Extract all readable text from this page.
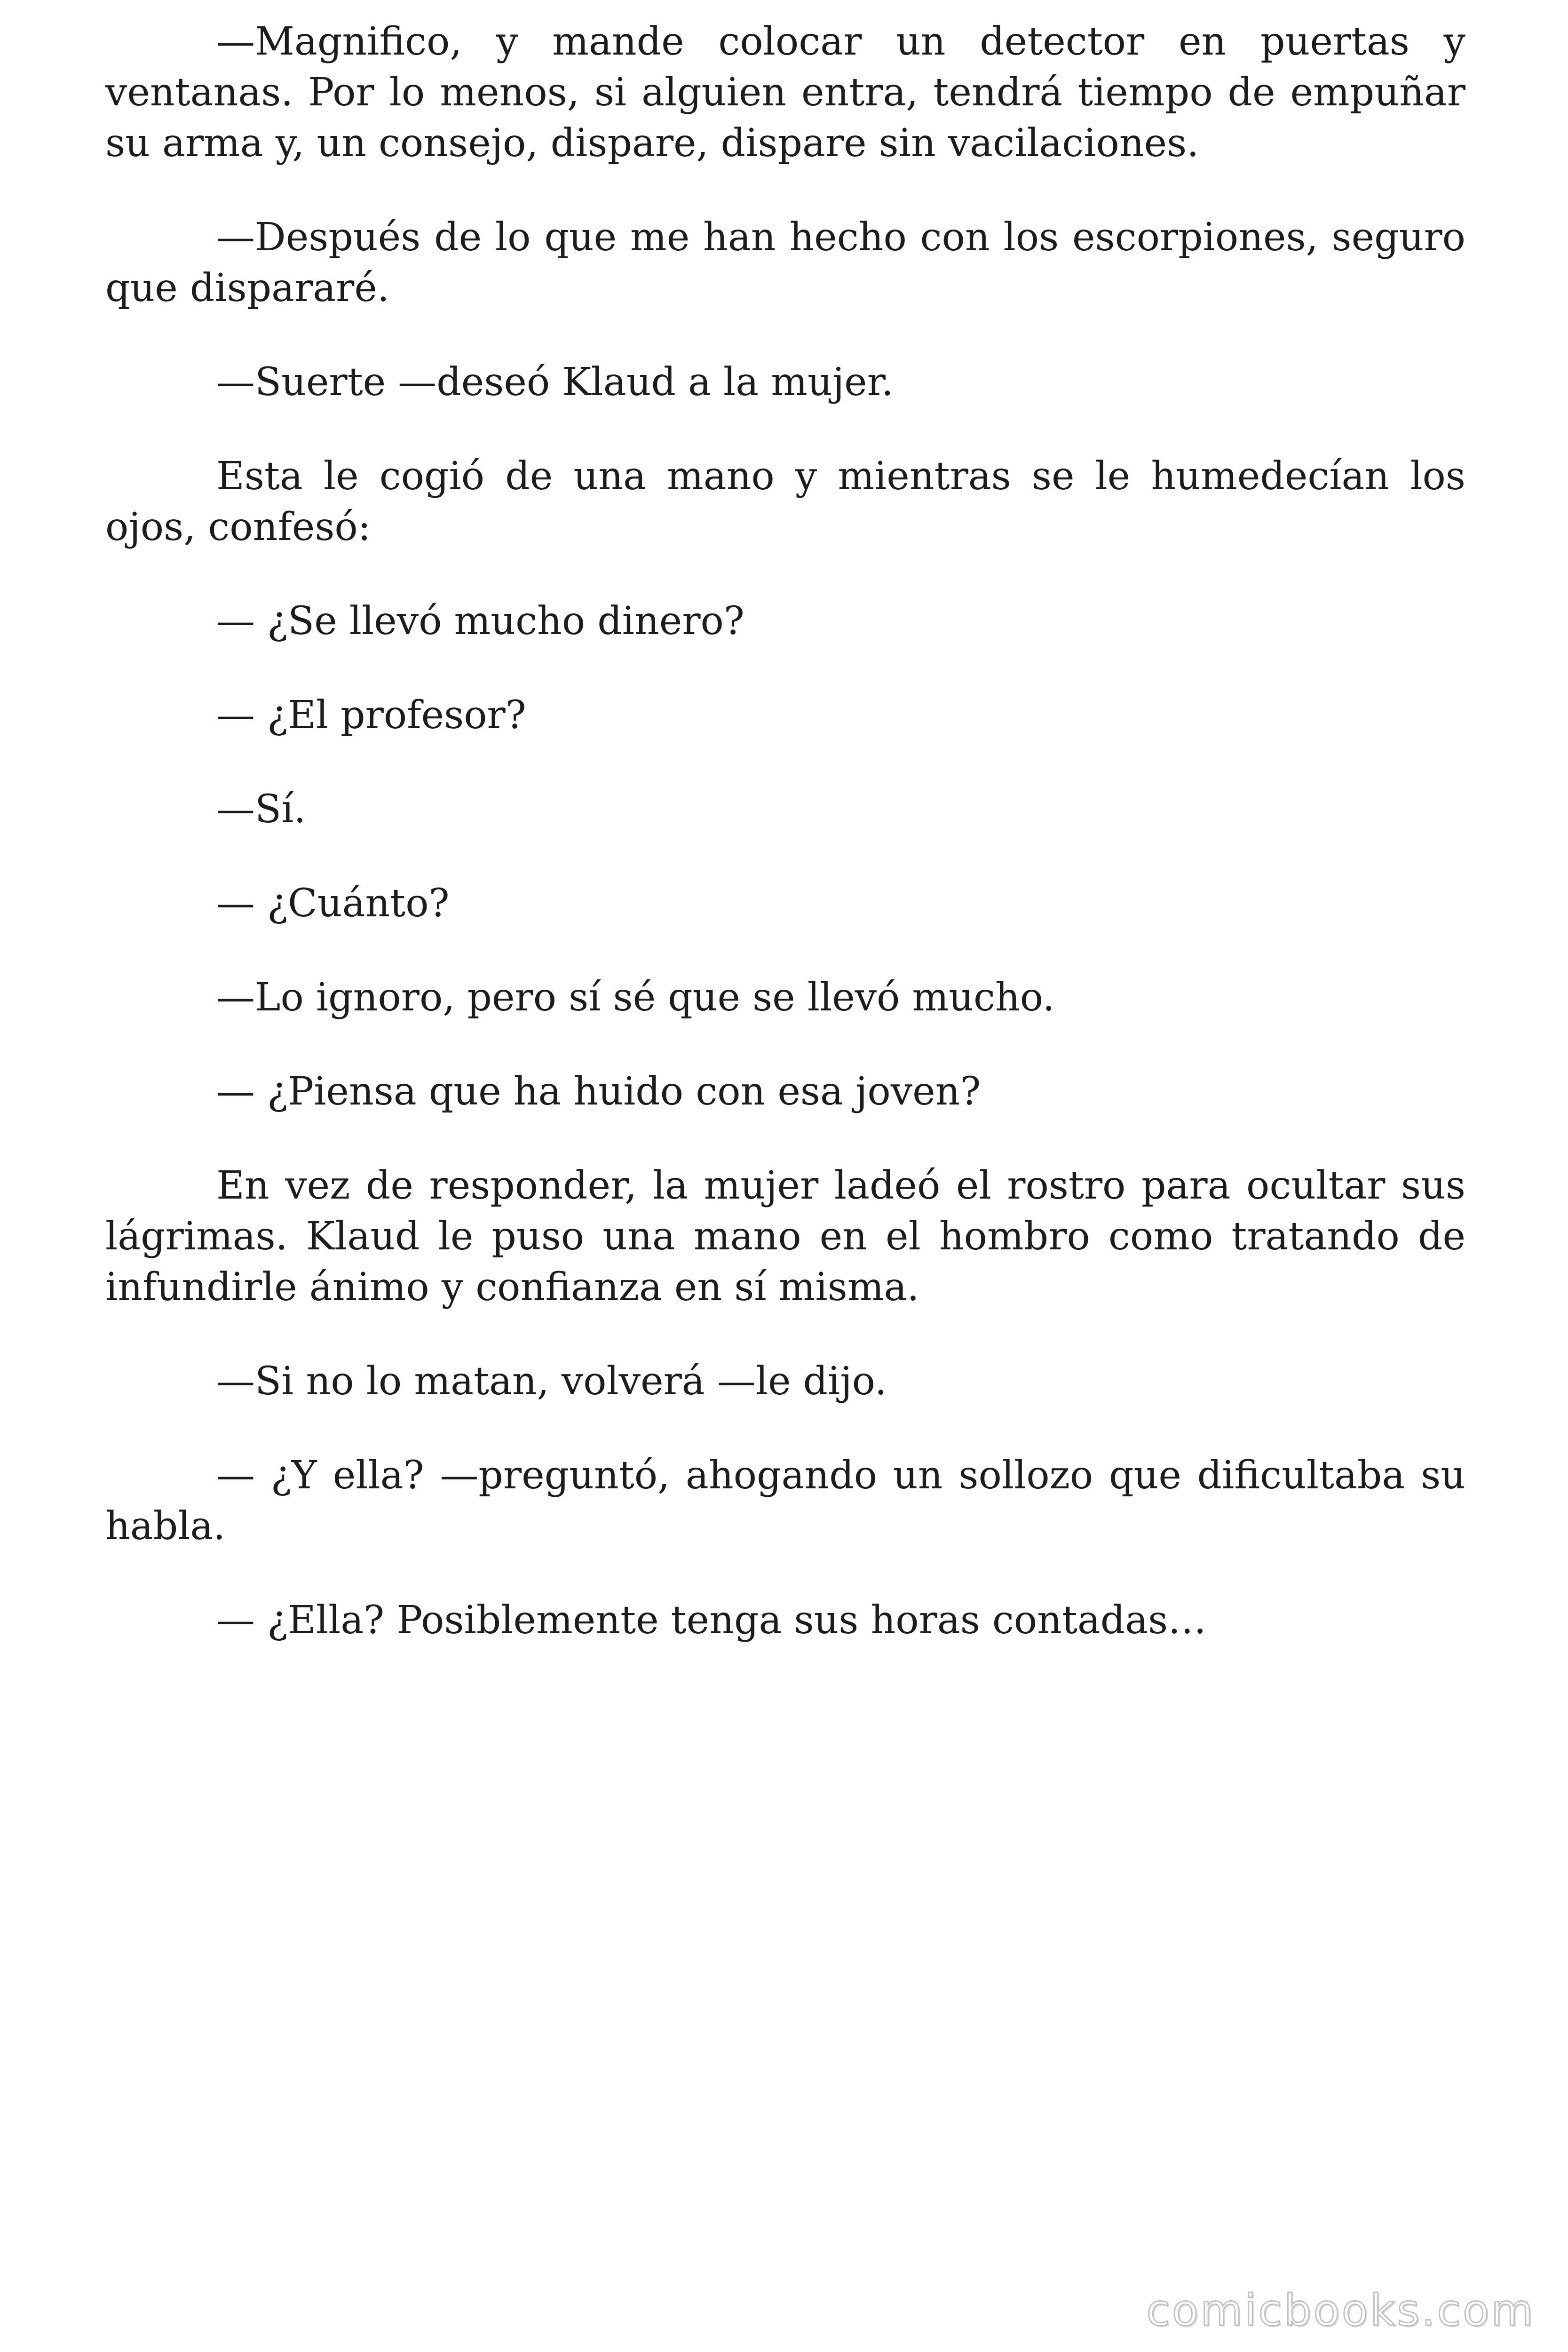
—Magnifico, y mande colocar un detector en puertas y ventanas. Por lo menos, si alguien entra, tendrá tiempo de empuñar su arma y, un consejo, dispare, dispare sin vacilaciones.

—Después de lo que me han hecho con los escorpiones, seguro que dispararé.

—Suerte —deseó Klaud a la mujer.

Esta le cogió de una mano y mientras se le humedecían los ojos, confesó:

— ¿Se llevó mucho dinero?

— ¿El profesor?

—Sí.

— ¿Cuánto?

—Lo ignoro, pero sí sé que se llevó mucho.

— ¿Piensa que ha huido con esa joven?

En vez de responder, la mujer ladeó el rostro para ocultar sus lágrimas. Klaud le puso una mano en el hombro como tratando de infundirle ánimo y confianza en sí misma.

—Si no lo matan, volverá —le dijo.

— ¿Y ella? —preguntó, ahogando un sollozo que dificultaba su habla.

— ¿Ella? Posiblemente tenga sus horas contadas…

comicbooks.com
